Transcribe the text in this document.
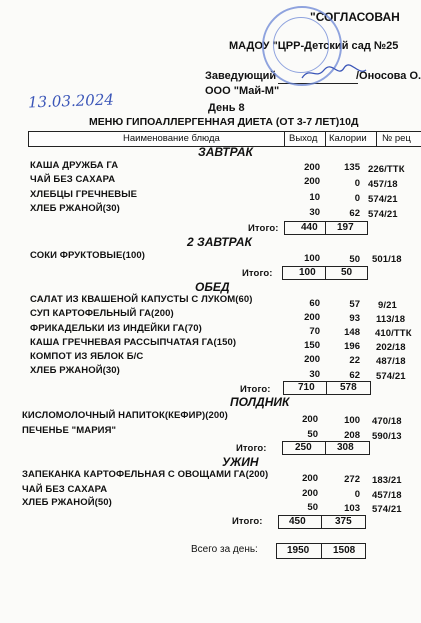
"СОГЛАСОВАН
МАДОУ "ЦРР-Детский сад №25
Заведующий	/Оносова О.
ООО "Май-М"
13.03.2024	День 8
МЕНЮ ГИПОАЛЛЕРГЕННАЯ ДИЕТА (ОТ 3-7 ЛЕТ)10Д
Наименование блюда	Выход Калории № рец
ЗАВТРАК
КАША ДРУЖБА ГА	200	135 226/ТТК
ЧАЙ БЕЗ САХАРА	200	0 457/18
ХЛЕБЦЫ ГРЕЧНЕВЫЕ	10	0 574/21
ХЛЕБ РЖАНОЙ(30)	30	62 574/21
Итого: 440 197
2 ЗАВТРАК
СОКИ ФРУКТОВЫЕ(100)	100	50 501/18
Итого:	100	50
ОБЕД
САЛАТ ИЗ КВАШЕНОЙ КАПУСТЫ С ЛУКОМ(60)	60	57 9/21
СУП КАРТОФЕЛЬНЫЙ ГА(200)	200	93 113/18
ФРИКАДЕЛЬКИ ИЗ ИНДЕЙКИ ГА(70)	70	148 410/ТТК
КАША ГРЕЧНЕВАЯ РАССЫПЧАТАЯ ГА(150)	150	196 202/18
КОМПОТ ИЗ ЯБЛОК Б/С	200	22 487/18
ХЛЕБ РЖАНОЙ(30)	30	62 574/21
Итого:	710	578
ПОЛДНИК
КИСЛОМОЛОЧНЫЙ НАПИТОК(КЕФИР)(200)	200	100 470/18
ПЕЧЕНЬЕ "МАРИЯ"	50	208 590/13
Итого:	250	308
УЖИН
ЗАПЕКАНКА КАРТОФЕЛЬНАЯ С ОВОЩАМИ ГА(200)	200	272 183/21
ЧАЙ БЕЗ САХАРА	200	0 457/18
ХЛЕБ РЖАНОЙ(50)	50	103 574/21
Итого:	450	375
Всего за день:	1950 1508
